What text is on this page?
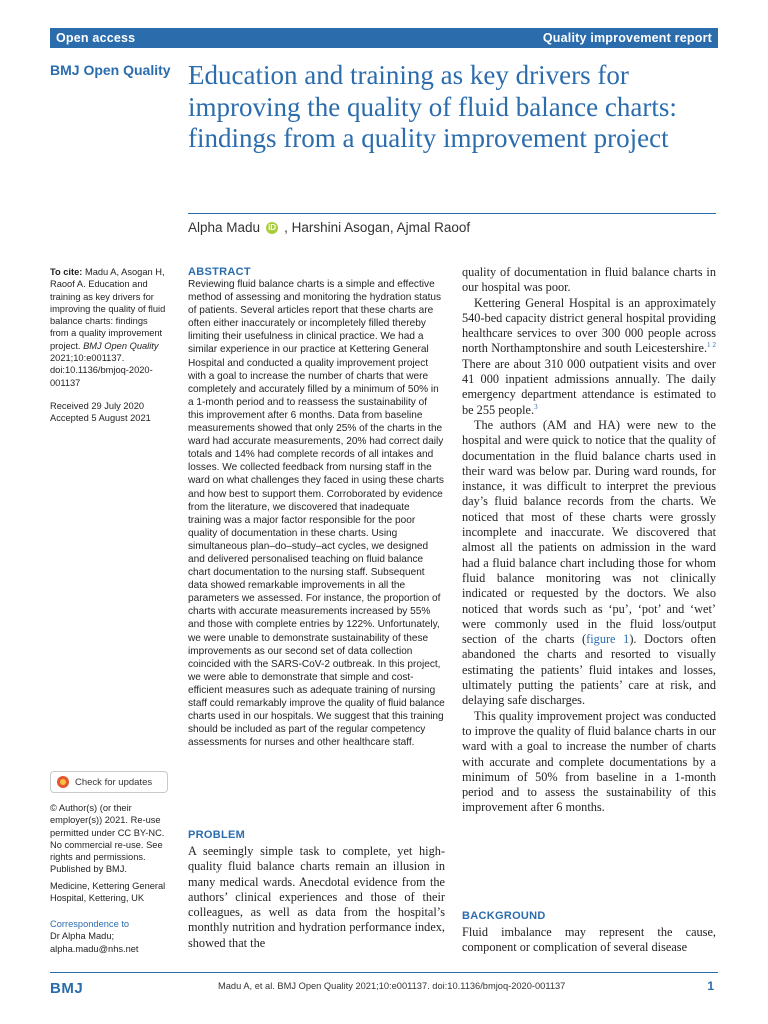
Open access	Quality improvement report
BMJ Open Quality Education and training as key drivers for improving the quality of fluid balance charts: findings from a quality improvement project
Alpha Madu iD , Harshini Asogan, Ajmal Raoof
To cite: Madu A, Asogan H, Raoof A. Education and training as key drivers for improving the quality of fluid balance charts: findings from a quality improvement project. BMJ Open Quality 2021;10:e001137. doi:10.1136/bmjoq-2020-001137
Received 29 July 2020
Accepted 5 August 2021
Check for updates
© Author(s) (or their employer(s)) 2021. Re-use permitted under CC BY-NC. No commercial re-use. See rights and permissions. Published by BMJ.
Medicine, Kettering General Hospital, Kettering, UK
Correspondence to
Dr Alpha Madu;
alpha.madu@nhs.net
ABSTRACT
Reviewing fluid balance charts is a simple and effective method of assessing and monitoring the hydration status of patients. Several articles report that these charts are often either inaccurately or incompletely filled thereby limiting their usefulness in clinical practice. We had a similar experience in our practice at Kettering General Hospital and conducted a quality improvement project with a goal to increase the number of charts that were completely and accurately filled by a minimum of 50% in a 1-month period and to reassess the sustainability of this improvement after 6 months. Data from baseline measurements showed that only 25% of the charts in the ward had accurate measurements, 20% had correct daily totals and 14% had complete records of all intakes and losses. We collected feedback from nursing staff in the ward on what challenges they faced in using these charts and how best to support them. Corroborated by evidence from the literature, we discovered that inadequate training was a major factor responsible for the poor quality of documentation in these charts. Using simultaneous plan–do–study–act cycles, we designed and delivered personalised teaching on fluid balance chart documentation to the nursing staff. Subsequent data showed remarkable improvements in all the parameters we assessed. For instance, the proportion of charts with accurate measurements increased by 55% and those with complete entries by 122%. Unfortunately, we were unable to demonstrate sustainability of these improvements as our second set of data collection coincided with the SARS-CoV-2 outbreak. In this project, we were able to demonstrate that simple and cost-efficient measures such as adequate training of nursing staff could remarkably improve the quality of fluid balance charts used in our hospitals. We suggest that this training should be included as part of the regular competency assessments for nurses and other healthcare staff.
PROBLEM
A seemingly simple task to complete, yet high-quality fluid balance charts remain an illusion in many medical wards. Anecdotal evidence from the authors’ clinical experiences and those of their colleagues, as well as data from the hospital’s monthly nutrition and hydration performance index, showed that the

quality of documentation in fluid balance charts in our hospital was poor.

Kettering General Hospital is an approximately 540-bed capacity district general hospital providing healthcare services to over 300 000 people across north Northamptonshire and south Leicestershire.$^{1 2}$ There are about 310 000 outpatient visits and over 41 000 inpatient admissions annually. The daily emergency department attendance is estimated to be 255 people.$^3$

The authors (AM and HA) were new to the hospital and were quick to notice that the quality of documentation in the fluid balance charts used in their ward was below par. During ward rounds, for instance, it was difficult to interpret the previous day’s fluid balance records from the charts. We noticed that most of these charts were grossly incomplete and inaccurate. We discovered that almost all the patients on admission in the ward had a fluid balance chart including those for whom fluid balance monitoring was not clinically indicated or requested by the doctors. We also noticed that words such as ‘pu’, ‘pot’ and ‘wet’ were commonly used in the fluid loss/output section of the charts (figure 1). Doctors often abandoned the charts and resorted to visually estimating the patients’ fluid intakes and losses, ultimately putting the patients’ care at risk, and delaying safe discharges.

This quality improvement project was conducted to improve the quality of fluid balance charts in our ward with a goal to increase the number of charts with accurate and complete documentations by a minimum of 50% from baseline in a 1-month period and to assess the sustainability of this improvement after 6 months.

BACKGROUND
Fluid imbalance may represent the cause, component or complication of several disease
BMJ	Madu A, et al. BMJ Open Quality 2021;10:e001137. doi:10.1136/bmjoq-2020-001137	1
